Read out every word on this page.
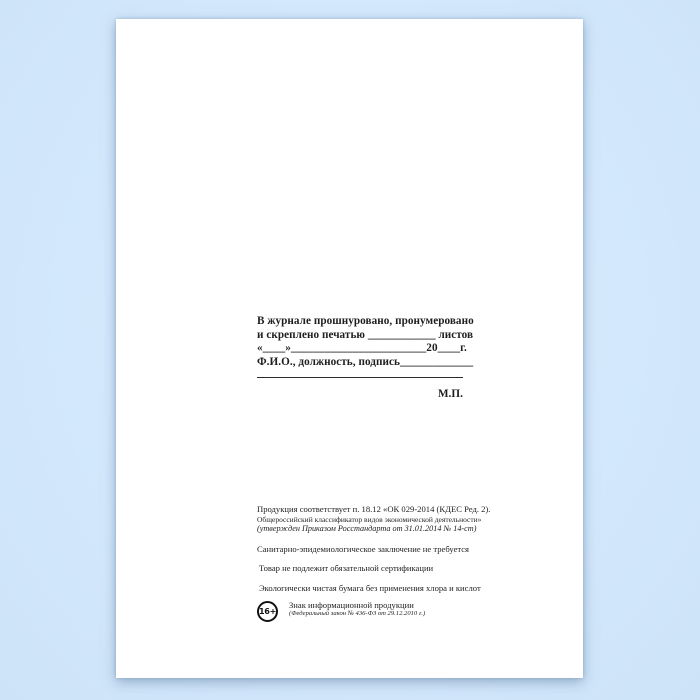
В журнале прошнуровано, пронумеровано
и скреплено печатью ____________ листов
«____»________________________20____г.
Ф.И.О., должность, подпись_____________
М.П.
Продукция соответствует п. 18.12 «ОК 029-2014 (КДЕС Ред. 2).
Общероссийский классификатор видов экономической деятельности»
(утвержден Приказом Росстандарта от 31.01.2014 № 14-ст)
Санитарно-эпидемиологическое заключение не требуется
Товар не подлежит обязательной сертификации
Экологически чистая бумага без применения хлора и кислот
16+
Знак информационной продукции
(Федеральный закон № 436-ФЗ от 29.12.2010 г.)
